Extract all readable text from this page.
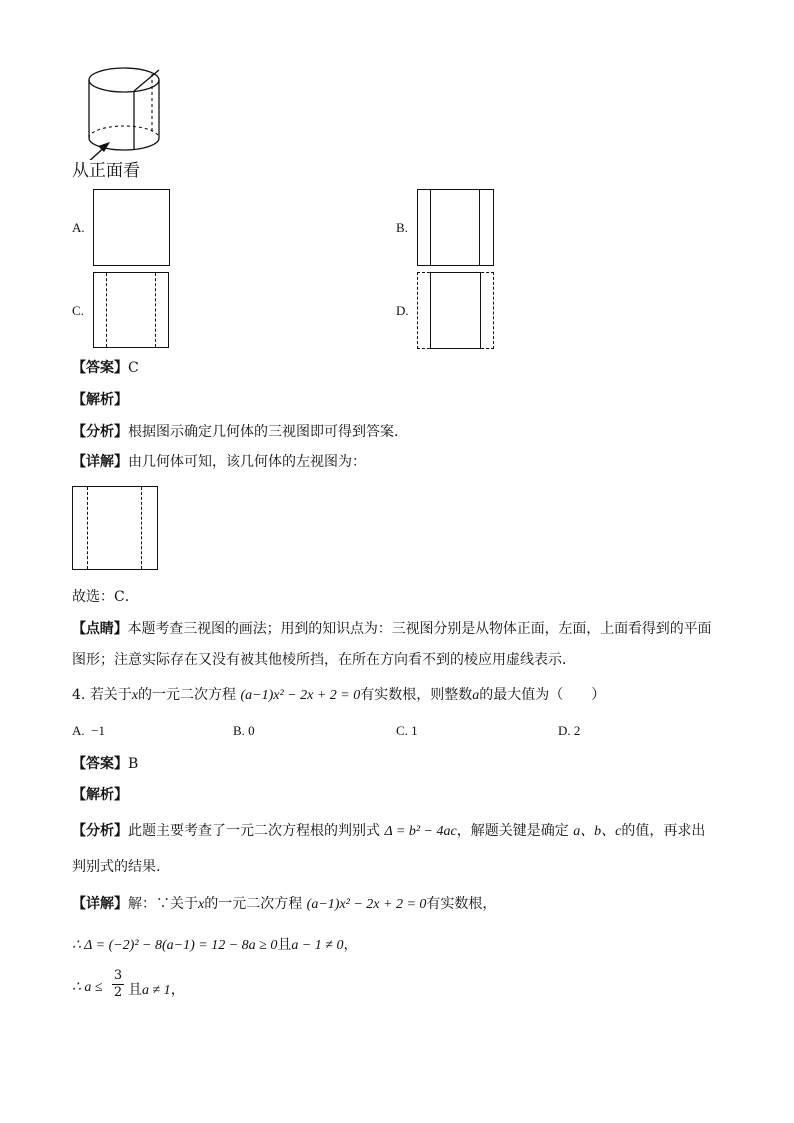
从正面看
A.	B.
C.	D.
【答案】C
【解析】
【分析】根据图示确定几何体的三视图即可得到答案．
【详解】由几何体可知，该几何体的左视图为：
故选：C．
【点睛】本题考查三视图的画法；用到的知识点为：三视图分别是从物体正面，左面，上面看得到的平面
图形；注意实际存在又没有被其他棱所挡，在所在方向看不到的棱应用虚线表示．
4. 若关于x的一元二次方程 (a−1)x² − 2x + 2 = 0有实数根，则整数a的最大值为（　　）
A. −1	B. 0	C. 1	D. 2
【答案】B
【解析】
【分析】此题主要考查了一元二次方程根的判别式 Δ = b² − 4ac，解题关键是确定 a、b、c的值，再求出
判别式的结果.
【详解】解：∵关于x的一元二次方程 (a−1)x² − 2x + 2 = 0有实数根，
∴ Δ = (−2)² − 8(a−1) = 12 − 8a ≥ 0且a − 1 ≠ 0，
∴ a ≤
3
2 且a ≠ 1，
